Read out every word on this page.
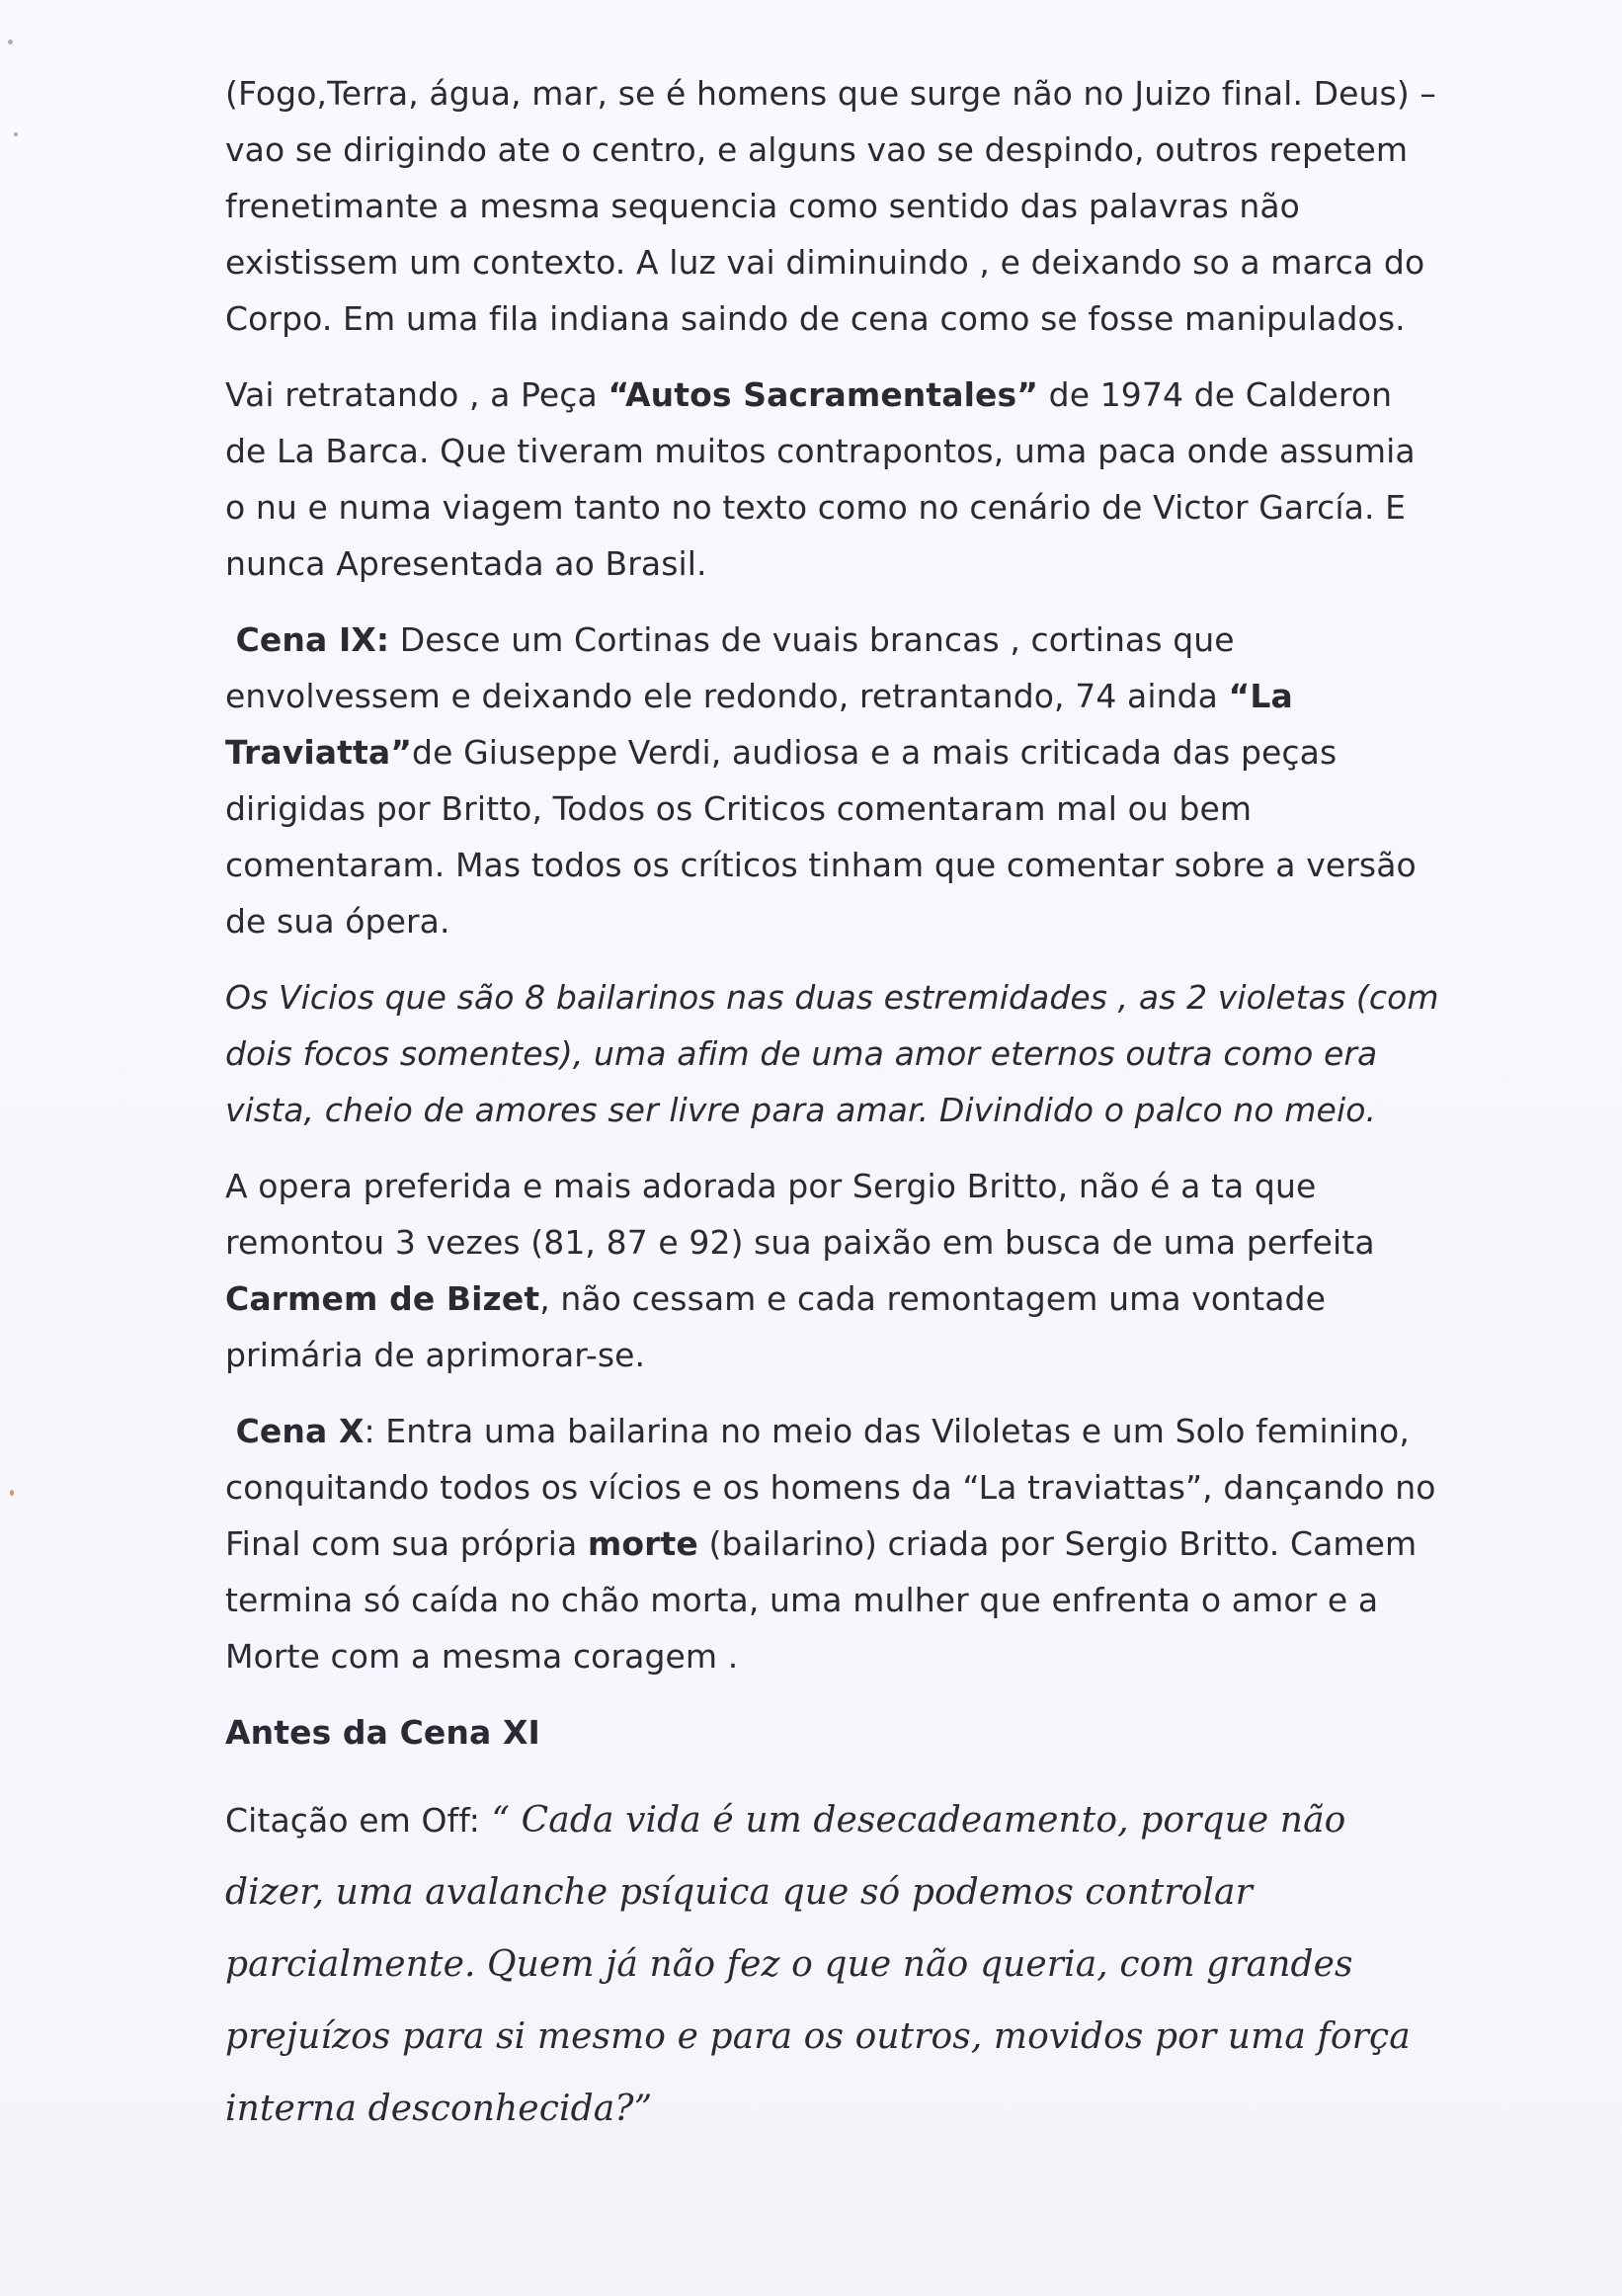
(Fogo,Terra, água, mar, se é homens que surge não no Juizo final. Deus) – vao se dirigindo ate o centro, e alguns vao se despindo, outros repetem frenetimante a mesma sequencia como sentido das palavras não existissem um contexto. A luz vai diminuindo , e deixando so a marca do Corpo. Em uma fila indiana saindo de cena como se fosse manipulados.

Vai retratando , a Peça “Autos Sacramentales” de 1974 de Calderon de La Barca. Que tiveram muitos contrapontos, uma paca onde assumia o nu e numa viagem tanto no texto como no cenário de Victor García. E nunca Apresentada ao Brasil.

Cena IX: Desce um Cortinas de vuais brancas , cortinas que envolvessem e deixando ele redondo, retrantando, 74 ainda “La Traviatta”de Giuseppe Verdi, audiosa e a mais criticada das peças dirigidas por Britto, Todos os Criticos comentaram mal ou bem comentaram. Mas todos os críticos tinham que comentar sobre a versão de sua ópera.

Os Vicios que são 8 bailarinos nas duas estremidades , as 2 violetas (com dois focos somentes), uma afim de uma amor eternos outra como era vista, cheio de amores ser livre para amar. Divindido o palco no meio.

A opera preferida e mais adorada por Sergio Britto, não é a ta que remontou 3 vezes (81, 87 e 92) sua paixão em busca de uma perfeita Carmem de Bizet, não cessam e cada remontagem uma vontade primária de aprimorar-se.

Cena X: Entra uma bailarina no meio das Viloletas e um Solo feminino, conquitando todos os vícios e os homens da “La traviattas”, dançando no Final com sua própria morte (bailarino) criada por Sergio Britto. Camem termina só caída no chão morta, uma mulher que enfrenta o amor e a Morte com a mesma coragem .

Antes da Cena XI

Citação em Off: “ Cada vida é um desecadeamento, porque não dizer, uma avalanche psíquica que só podemos controlar parcialmente. Quem já não fez o que não queria, com grandes prejuízos para si mesmo e para os outros, movidos por uma força interna desconhecida?”
